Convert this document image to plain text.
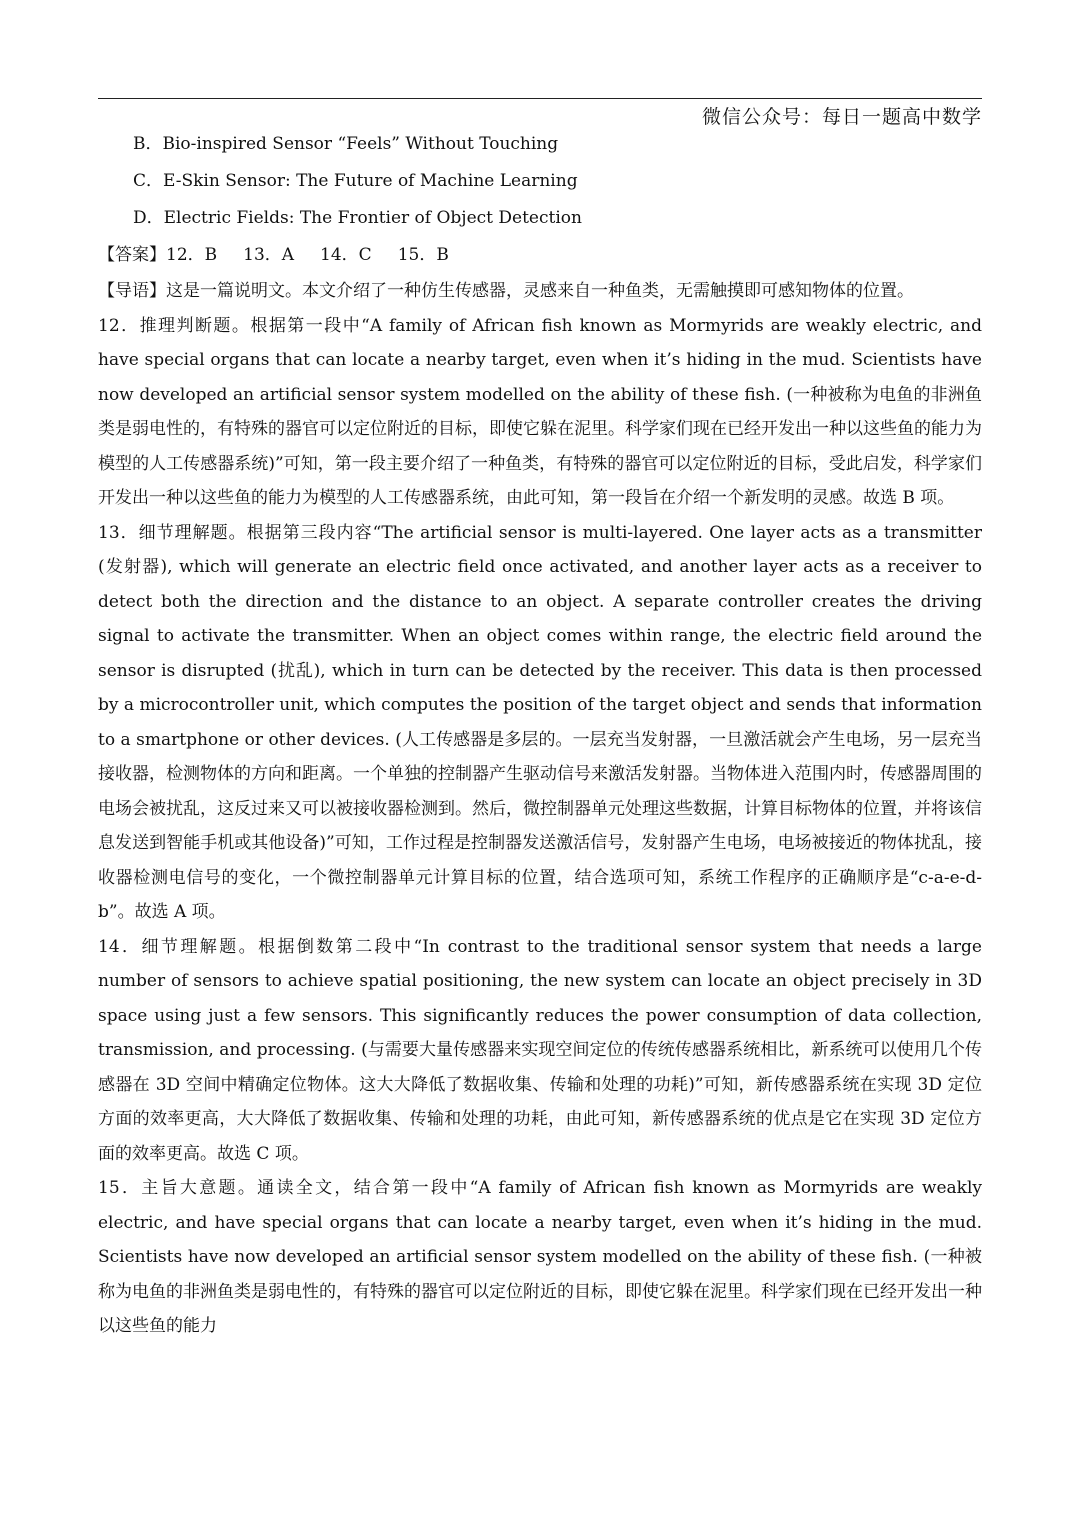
微信公众号：每日一题高中数学
B．Bio-inspired Sensor “Feels” Without Touching
C．E-Skin Sensor: The Future of Machine Learning
D．Electric Fields: The Frontier of Object Detection
【答案】12．B 13．A 14．C 15．B
【导语】这是一篇说明文。本文介绍了一种仿生传感器，灵感来自一种鱼类，无需触摸即可感知物体的位置。
12．推理判断题。根据第一段中“A family of African fish known as Mormyrids are weakly electric, and have special organs that can locate a nearby target, even when it’s hiding in the mud. Scientists have now developed an artificial sensor system modelled on the ability of these fish. (一种被称为电鱼的非洲鱼类是弱电性的，有特殊的器官可以定位附近的目标，即使它躲在泥里。科学家们现在已经开发出一种以这些鱼的能力为模型的人工传感器系统)”可知，第一段主要介绍了一种鱼类，有特殊的器官可以定位附近的目标，受此启发，科学家们开发出一种以这些鱼的能力为模型的人工传感器系统，由此可知，第一段旨在介绍一个新发明的灵感。故选 B 项。
13．细节理解题。根据第三段内容“The artificial sensor is multi-layered. One layer acts as a transmitter (发射器), which will generate an electric field once activated, and another layer acts as a receiver to detect both the direction and the distance to an object. A separate controller creates the driving signal to activate the transmitter. When an object comes within range, the electric field around the sensor is disrupted (扰乱), which in turn can be detected by the receiver. This data is then processed by a microcontroller unit, which computes the position of the target object and sends that information to a smartphone or other devices. (人工传感器是多层的。一层充当发射器，一旦激活就会产生电场，另一层充当接收器，检测物体的方向和距离。一个单独的控制器产生驱动信号来激活发射器。当物体进入范围内时，传感器周围的电场会被扰乱，这反过来又可以被接收器检测到。然后，微控制器单元处理这些数据，计算目标物体的位置，并将该信息发送到智能手机或其他设备)”可知，工作过程是控制器发送激活信号，发射器产生电场，电场被接近的物体扰乱，接收器检测电信号的变化，一个微控制器单元计算目标的位置，结合选项可知，系统工作程序的正确顺序是“c-a-e-d-b”。故选 A 项。
14．细节理解题。根据倒数第二段中“In contrast to the traditional sensor system that needs a large number of sensors to achieve spatial positioning, the new system can locate an object precisely in 3D space using just a few sensors. This significantly reduces the power consumption of data collection, transmission, and processing. (与需要大量传感器来实现空间定位的传统传感器系统相比，新系统可以使用几个传感器在 3D 空间中精确定位物体。这大大降低了数据收集、传输和处理的功耗)”可知，新传感器系统在实现 3D 定位方面的效率更高，大大降低了数据收集、传输和处理的功耗，由此可知，新传感器系统的优点是它在实现 3D 定位方面的效率更高。故选 C 项。
15．主旨大意题。通读全文，结合第一段中“A family of African fish known as Mormyrids are weakly electric, and have special organs that can locate a nearby target, even when it’s hiding in the mud. Scientists have now developed an artificial sensor system modelled on the ability of these fish. (一种被称为电鱼的非洲鱼类是弱电性的，有特殊的器官可以定位附近的目标，即使它躲在泥里。科学家们现在已经开发出一种以这些鱼的能力
